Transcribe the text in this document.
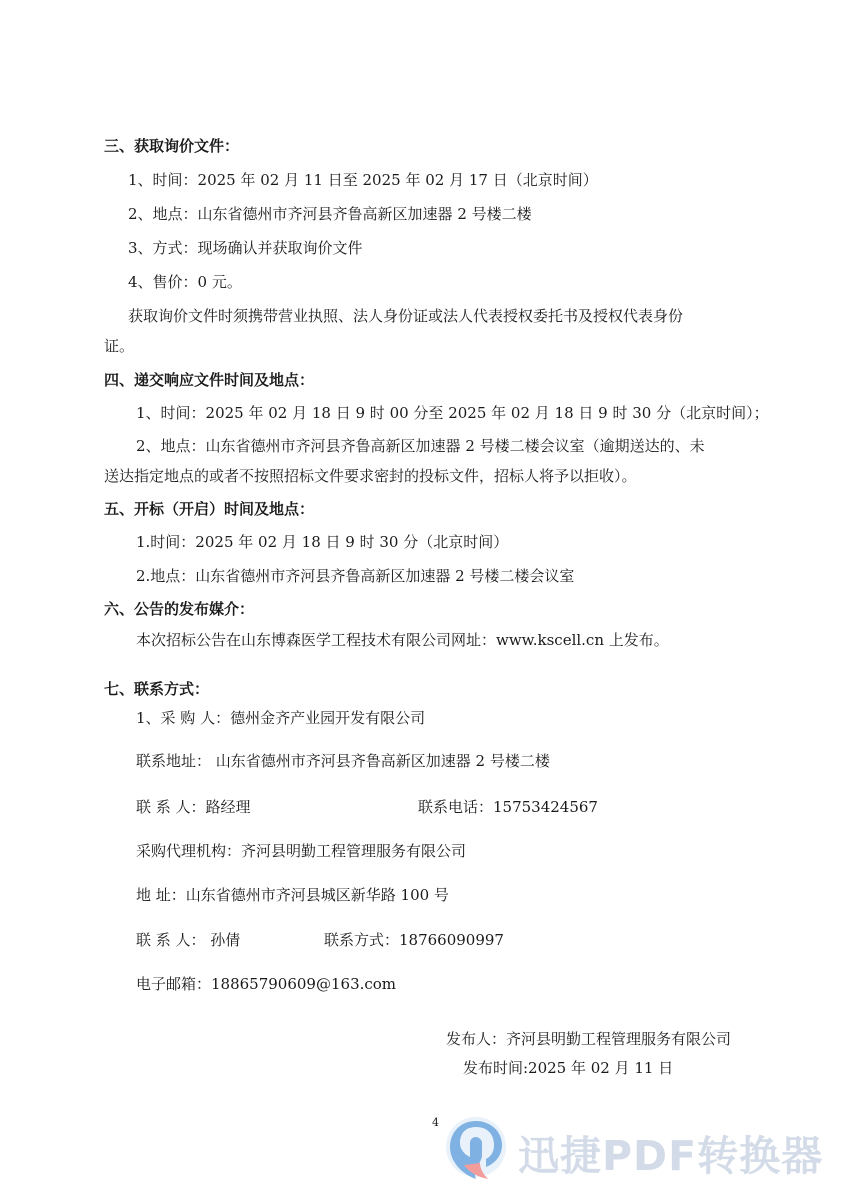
三、获取询价文件：
1、时间：2025 年 02 月 11 日至 2025 年 02 月 17 日（北京时间）
2、地点：山东省德州市齐河县齐鲁高新区加速器 2 号楼二楼
3、方式：现场确认并获取询价文件
4、售价：0 元。
获取询价文件时须携带营业执照、法人身份证或法人代表授权委托书及授权代表身份
证。
四、递交响应文件时间及地点：
1、时间：2025 年 02 月 18 日 9 时 00 分至 2025 年 02 月 18 日 9 时 30 分（北京时间）；
2、地点：山东省德州市齐河县齐鲁高新区加速器 2 号楼二楼会议室（逾期送达的、未
送达指定地点的或者不按照招标文件要求密封的投标文件，招标人将予以拒收）。
五、开标（开启）时间及地点：
1.时间：2025 年 02 月 18 日 9 时 30 分（北京时间）
2.地点：山东省德州市齐河县齐鲁高新区加速器 2 号楼二楼会议室
六、公告的发布媒介：
本次招标公告在山东博森医学工程技术有限公司网址：www.kscell.cn 上发布。
七、联系方式：
1、采 购 人：德州金齐产业园开发有限公司
联系地址： 山东省德州市齐河县齐鲁高新区加速器 2 号楼二楼
联 系 人：路经理	联系电话：15753424567
采购代理机构：齐河县明勤工程管理服务有限公司
地 址：山东省德州市齐河县城区新华路 100 号
联 系 人： 孙倩	联系方式：18766090997
电子邮箱：18865790609@163.com
发布人：齐河县明勤工程管理服务有限公司
发布时间:2025 年 02 月 11 日
4
迅捷PDF转换器
